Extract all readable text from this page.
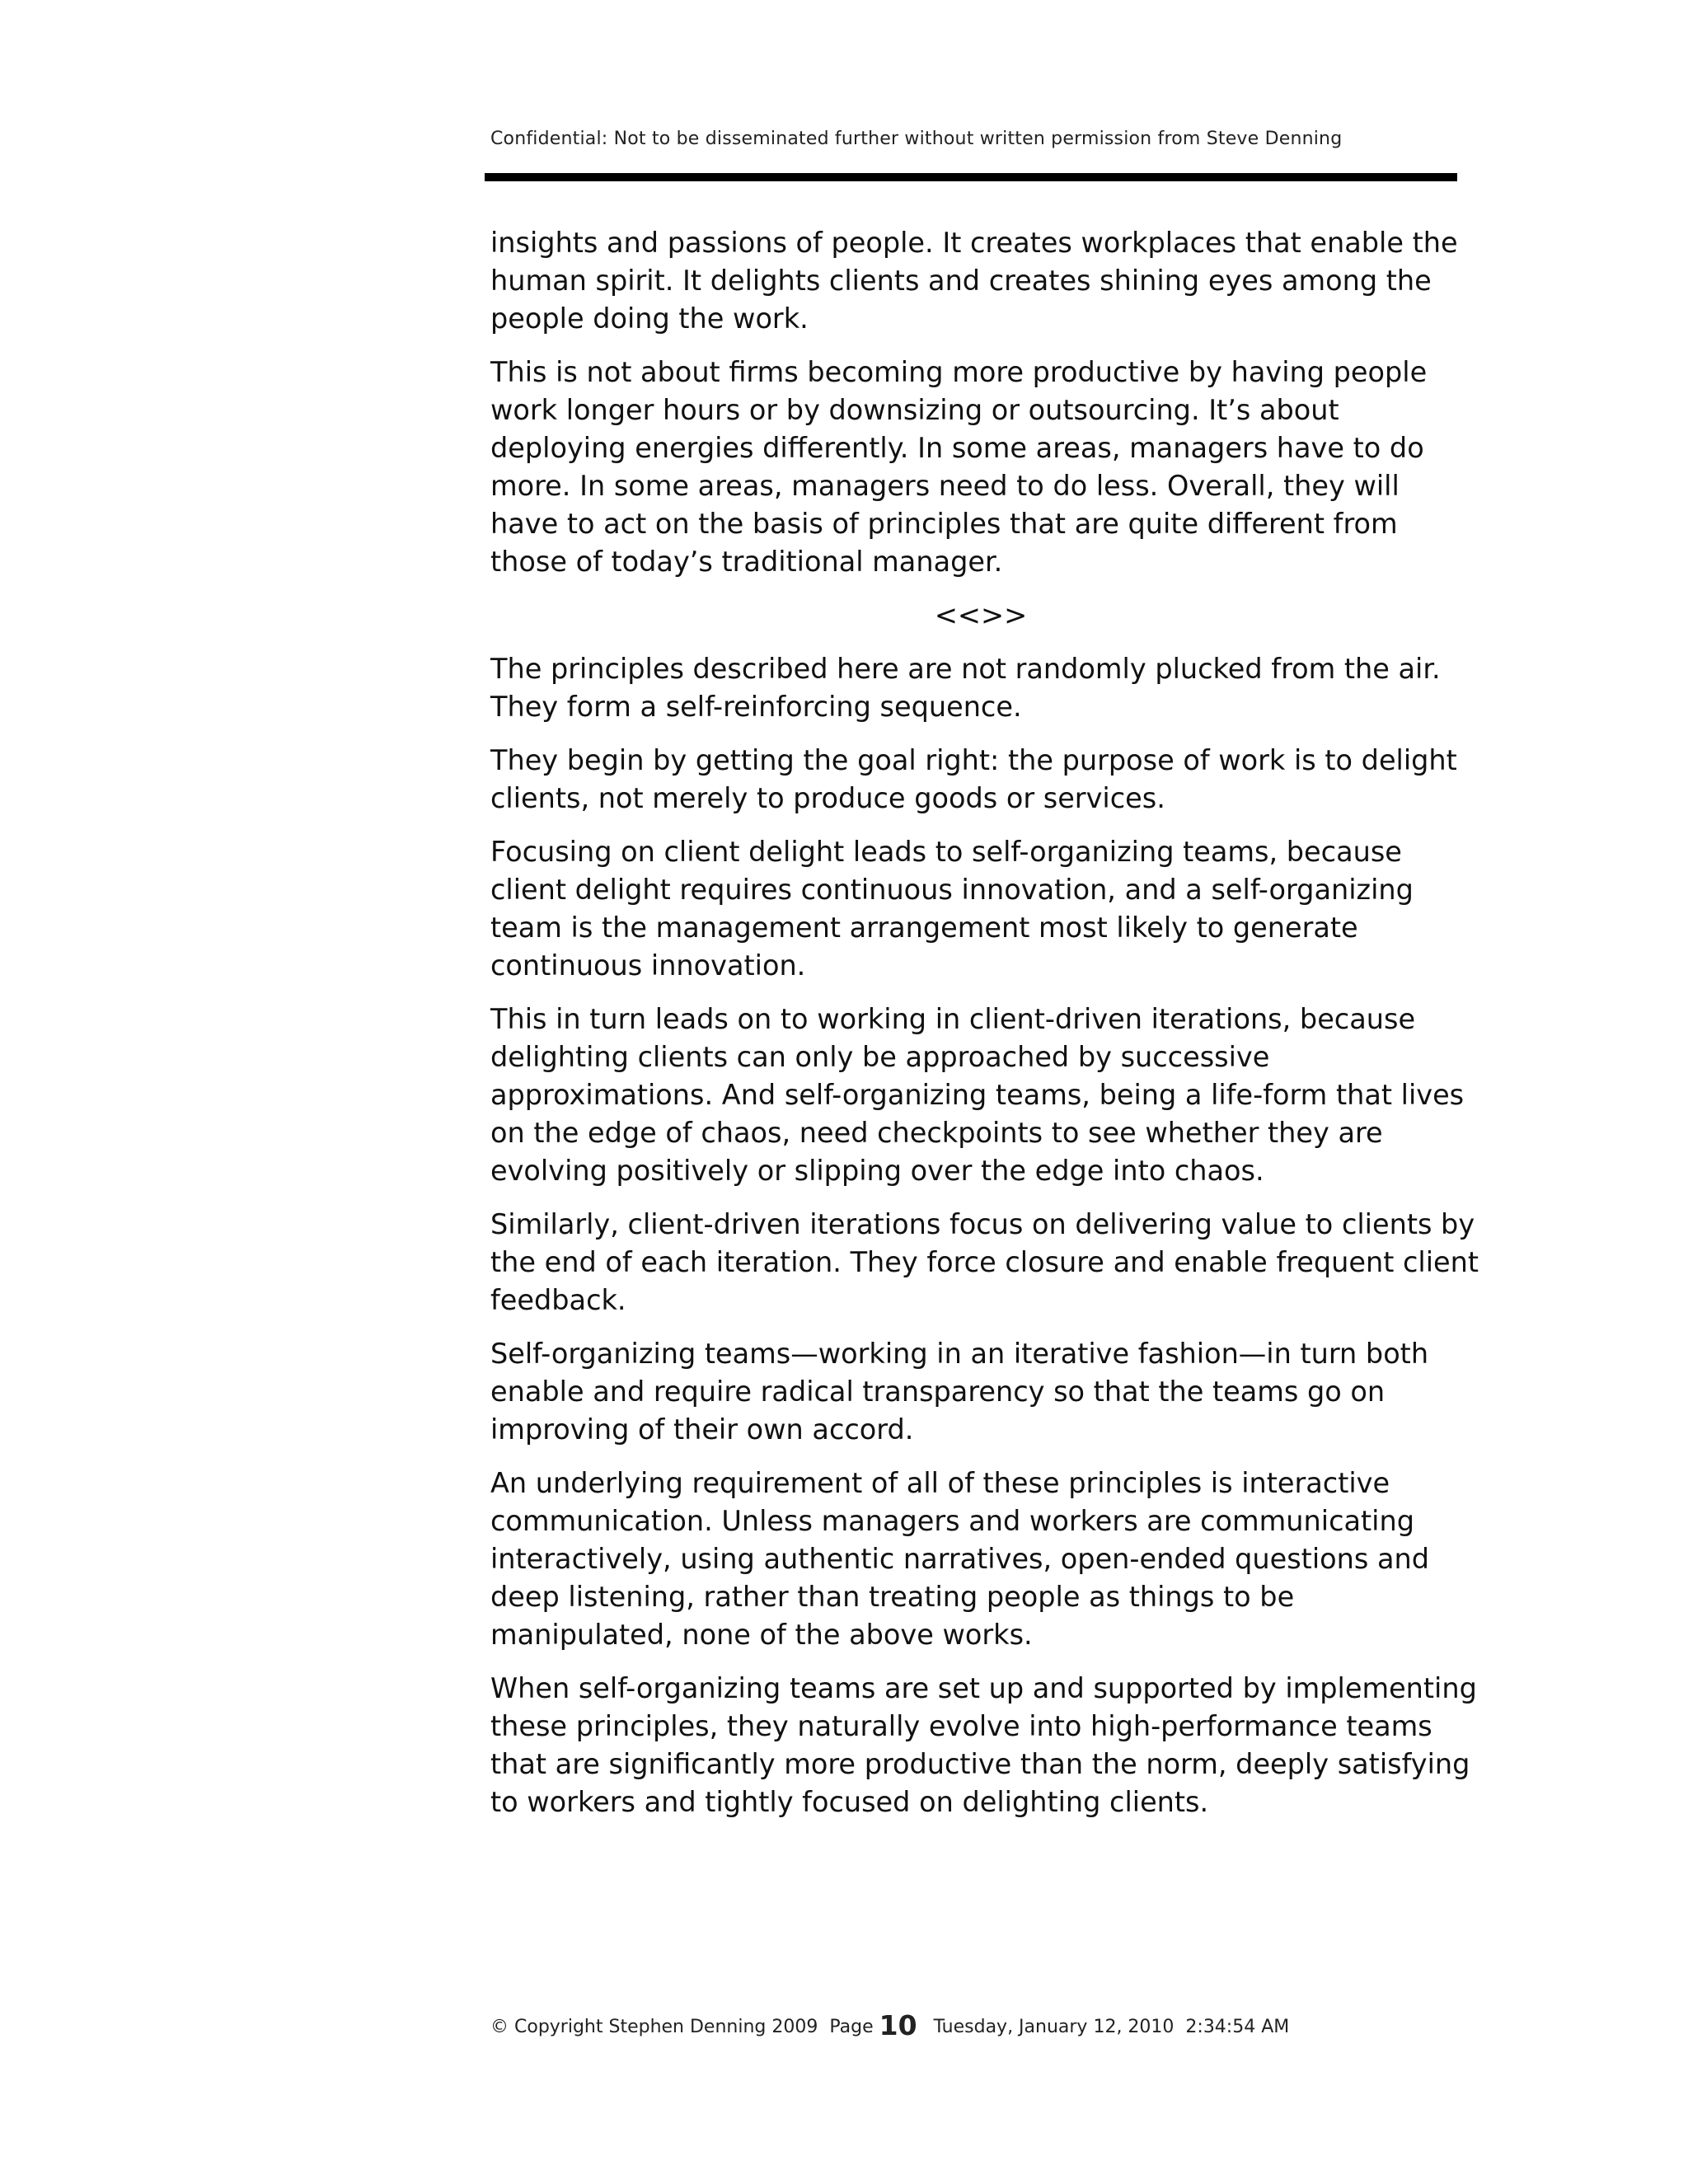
Confidential: Not to be disseminated further without written permission from Steve Denning

insights and passions of people. It creates workplaces that enable the
human spirit. It delights clients and creates shining eyes among the
people doing the work.

This is not about firms becoming more productive by having people
work longer hours or by downsizing or outsourcing. It’s about
deploying energies differently. In some areas, managers have to do
more. In some areas, managers need to do less. Overall, they will
have to act on the basis of principles that are quite different from
those of today’s traditional manager.

<<>>

The principles described here are not randomly plucked from the air.
They form a self-reinforcing sequence.

They begin by getting the goal right: the purpose of work is to delight
clients, not merely to produce goods or services.

Focusing on client delight leads to self-organizing teams, because
client delight requires continuous innovation, and a self-organizing
team is the management arrangement most likely to generate
continuous innovation.

This in turn leads on to working in client-driven iterations, because
delighting clients can only be approached by successive
approximations. And self-organizing teams, being a life-form that lives
on the edge of chaos, need checkpoints to see whether they are
evolving positively or slipping over the edge into chaos.

Similarly, client-driven iterations focus on delivering value to clients by
the end of each iteration. They force closure and enable frequent client
feedback.

Self-organizing teams—working in an iterative fashion—in turn both
enable and require radical transparency so that the teams go on
improving of their own accord.

An underlying requirement of all of these principles is interactive
communication. Unless managers and workers are communicating
interactively, using authentic narratives, open-ended questions and
deep listening, rather than treating people as things to be
manipulated, none of the above works.

When self-organizing teams are set up and supported by implementing
these principles, they naturally evolve into high-performance teams
that are significantly more productive than the norm, deeply satisfying
to workers and tightly focused on delighting clients.

© Copyright Stephen Denning 2009 Page 10 Tuesday, January 12, 2010  2:34:54 AM
